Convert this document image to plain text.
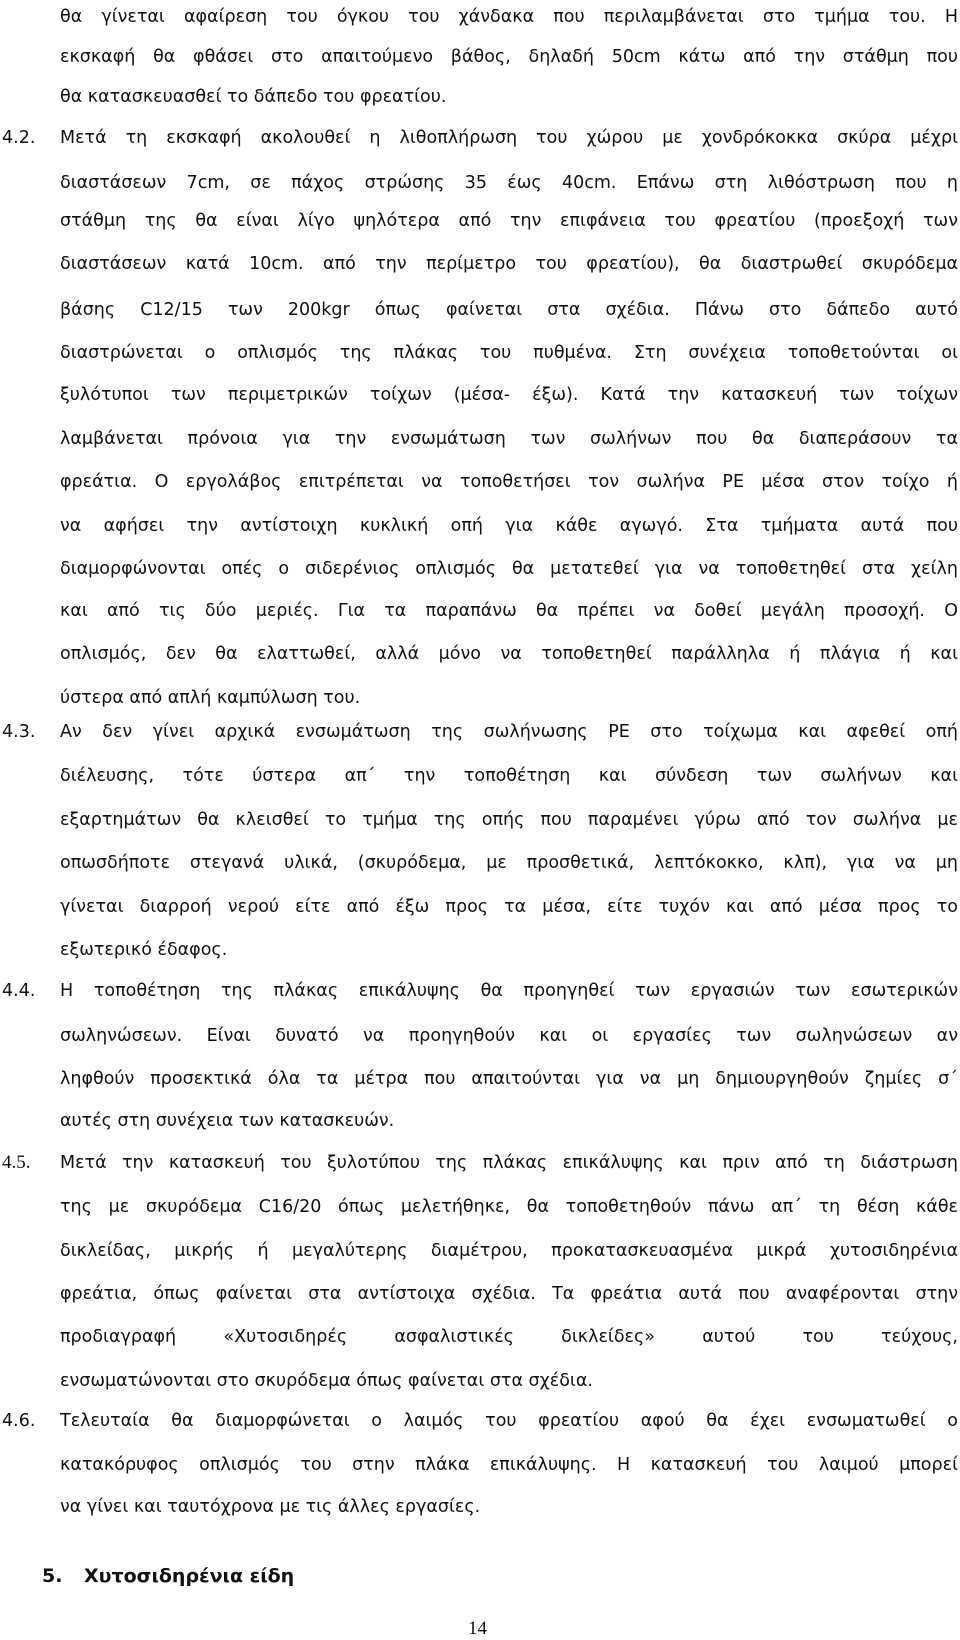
θα γίνεται αφαίρεση του όγκου του χάνδακα που περιλαμβάνεται στο τμήμα του. Η
εκσκαφή θα φθάσει στο απαιτούμενο βάθος, δηλαδή 50cm κάτω από την στάθμη που
θα κατασκευασθεί το δάπεδο του φρεατίου.
4.2. Μετά τη εκσκαφή ακολουθεί η λιθοπλήρωση του χώρου με χονδρόκοκκα σκύρα μέχρι
διαστάσεων 7cm, σε πάχος στρώσης 35 έως 40cm. Επάνω στη λιθόστρωση που η
στάθμη της θα είναι λίγο ψηλότερα από την επιφάνεια του φρεατίου (προεξοχή των
διαστάσεων κατά 10cm. από την περίμετρο του φρεατίου), θα διαστρωθεί σκυρόδεμα
βάσης C12/15 των 200kgr όπως φαίνεται στα σχέδια. Πάνω στο δάπεδο αυτό
διαστρώνεται ο οπλισμός της πλάκας του πυθμένα. Στη συνέχεια τοποθετούνται οι
ξυλότυποι των περιμετρικών τοίχων (μέσα- έξω). Κατά την κατασκευή των τοίχων
λαμβάνεται πρόνοια για την ενσωμάτωση των σωλήνων που θα διαπεράσουν τα
φρεάτια. Ο εργολάβος επιτρέπεται να τοποθετήσει τον σωλήνα PE μέσα στον τοίχο ή
να αφήσει την αντίστοιχη κυκλική οπή για κάθε αγωγό. Στα τμήματα αυτά που
διαμορφώνονται οπές ο σιδερένιος οπλισμός θα μετατεθεί για να τοποθετηθεί στα χείλη
και από τις δύο μεριές. Για τα παραπάνω θα πρέπει να δοθεί μεγάλη προσοχή. Ο
οπλισμός, δεν θα ελαττωθεί, αλλά μόνο να τοποθετηθεί παράλληλα ή πλάγια ή και
ύστερα από απλή καμπύλωση του.
4.3. Αν δεν γίνει αρχικά ενσωμάτωση της σωλήνωσης PE στο τοίχωμα και αφεθεί οπή
διέλευσης, τότε ύστερα απ΄ την τοποθέτηση και σύνδεση των σωλήνων και
εξαρτημάτων θα κλεισθεί το τμήμα της οπής που παραμένει γύρω από τον σωλήνα με
οπωσδήποτε στεγανά υλικά, (σκυρόδεμα, με προσθετικά, λεπτόκοκκο, κλπ), για να μη
γίνεται διαρροή νερού είτε από έξω προς τα μέσα, είτε τυχόν και από μέσα προς το
εξωτερικό έδαφος.
4.4. Η τοποθέτηση της πλάκας επικάλυψης θα προηγηθεί των εργασιών των εσωτερικών
σωληνώσεων. Είναι δυνατό να προηγηθούν και οι εργασίες των σωληνώσεων αν
ληφθούν προσεκτικά όλα τα μέτρα που απαιτούνται για να μη δημιουργηθούν ζημίες σ΄
αυτές στη συνέχεια των κατασκευών.
4.5. Μετά την κατασκευή του ξυλοτύπου της πλάκας επικάλυψης και πριν από τη διάστρωση
της με σκυρόδεμα C16/20 όπως μελετήθηκε, θα τοποθετηθούν πάνω απ΄ τη θέση κάθε
δικλείδας, μικρής ή μεγαλύτερης διαμέτρου, προκατασκευασμένα μικρά χυτοσιδηρένια
φρεάτια, όπως φαίνεται στα αντίστοιχα σχέδια. Τα φρεάτια αυτά που αναφέρονται στην
προδιαγραφή «Χυτοσιδηρές ασφαλιστικές δικλείδες» αυτού του τεύχους,
ενσωματώνονται στο σκυρόδεμα όπως φαίνεται στα σχέδια.
4.6. Τελευταία θα διαμορφώνεται ο λαιμός του φρεατίου αφού θα έχει ενσωματωθεί ο
κατακόρυφος οπλισμός του στην πλάκα επικάλυψης. Η κατασκευή του λαιμού μπορεί
να γίνει και ταυτόχρονα με τις άλλες εργασίες.
5. Χυτοσιδηρένια είδη
14
